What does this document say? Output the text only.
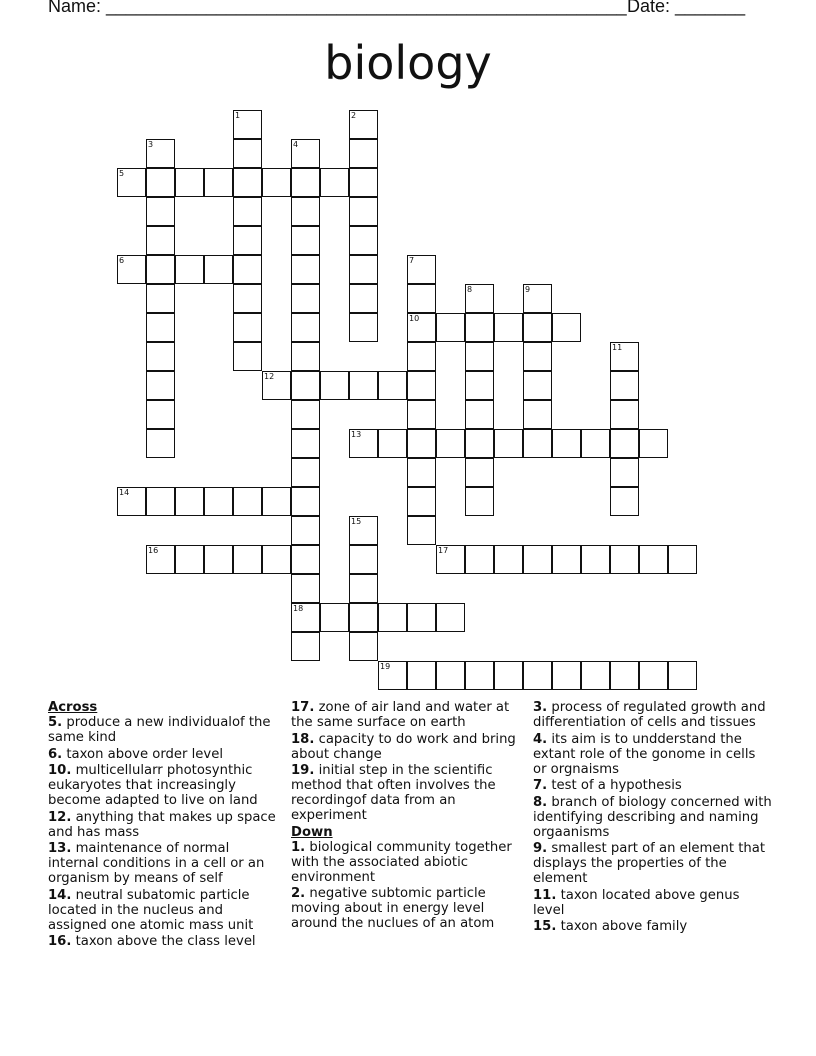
Name: ____________________________________________________ Date: _______
biology
5
6
10
12
13
14
16	17
18
19
1	2
3	4
7
8	9
11
15
Across
5. produce a new individualof the same kind
6. taxon above order level
10. multicellularr photosynthic eukaryotes that increasingly become adapted to live on land
12. anything that makes up space and has mass
13. maintenance of normal internal conditions in a cell or an organism by means of self
14. neutral subatomic particle located in the nucleus and assigned one atomic mass unit
16. taxon above the class level
17. zone of air land and water at the same surface on earth
18. capacity to do work and bring about change
19. initial step in the scientific method that often involves the recordingof data from an experiment
Down
1. biological community together with the associated abiotic environment
2. negative subtomic particle moving about in energy level around the nuclues of an atom
3. process of regulated growth and differentiation of cells and tissues
4. its aim is to undderstand the extant role of the gonome in cells or orgnaisms
7. test of a hypothesis
8. branch of biology concerned with identifying describing and naming orgaanisms
9. smallest part of an element that displays the properties of the element
11. taxon located above genus level
15. taxon above family
